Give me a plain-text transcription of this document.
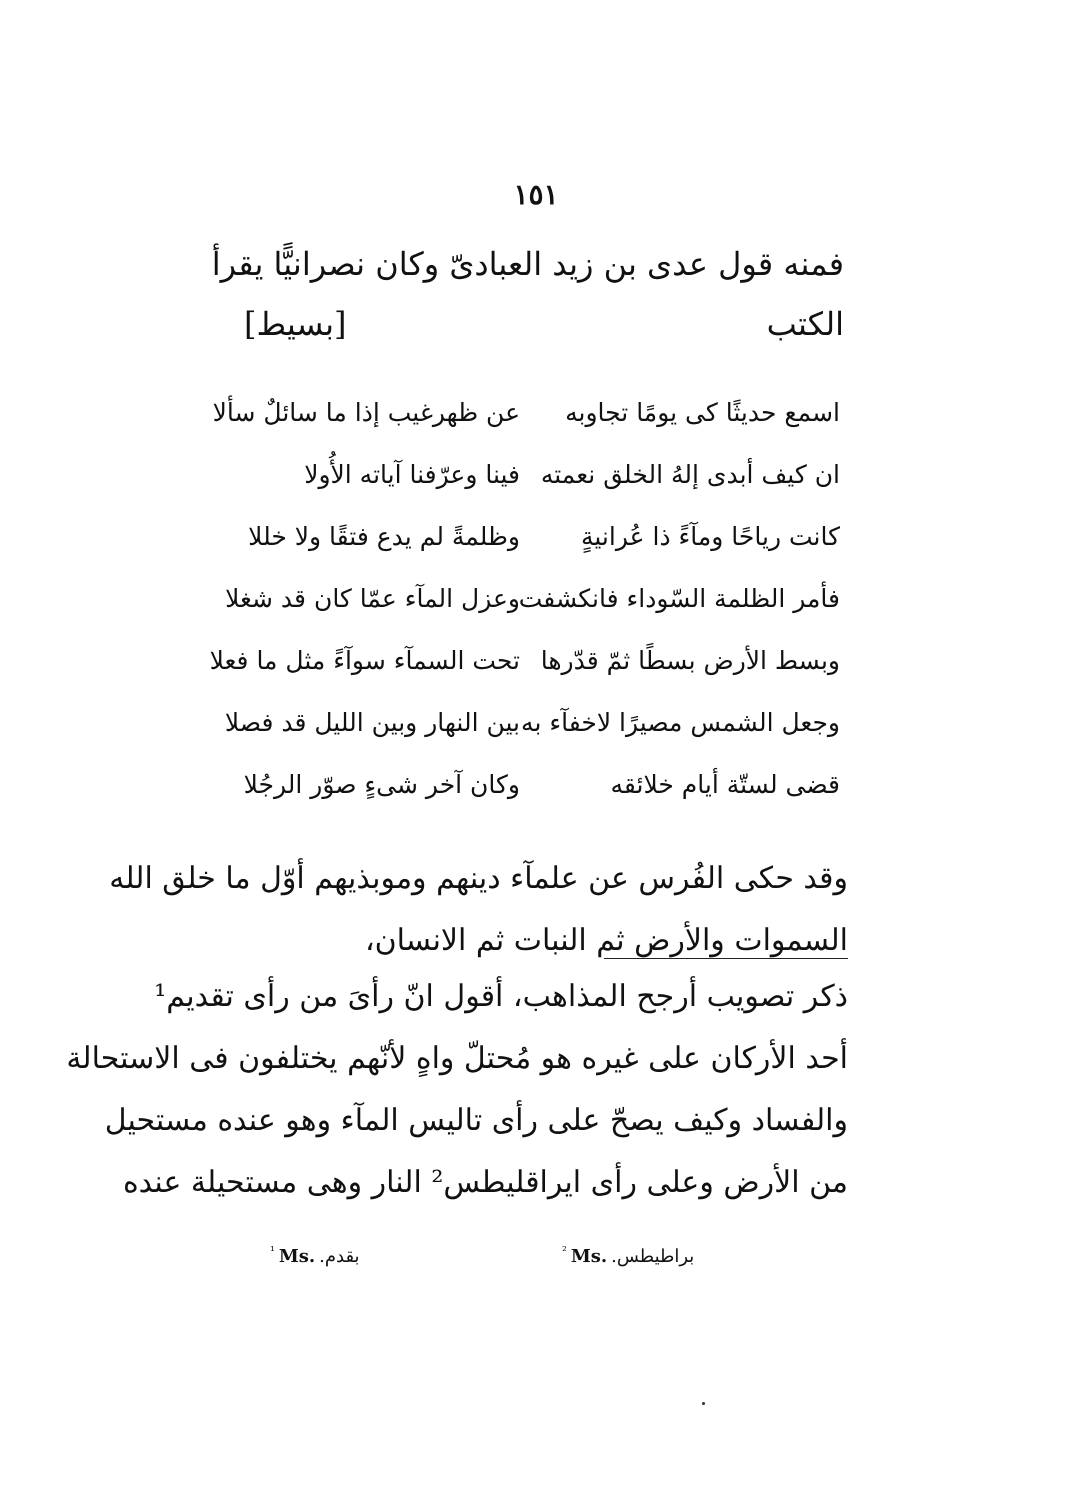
١٥١
فمنه قول عدى بن زيد العبادىّ وكان نصرانيًّا يقرأ
الكتب
[بسيط]
اسمع حديثًا كى يومًا تجاوبه
عن ظهرغيب إذا ما سائلٌ سألا
ان كيف أبدى إلهُ الخلق نعمته
فينا وعرّفنا آياته الأُولا
كانت رياحًا ومآءً ذا عُرانيةٍ
وظلمةً لم يدع فتقًا ولا خللا
فأمر الظلمة السّوداء فانكشفت
وعزل المآء عمّا كان قد شغلا
وبسط الأرض بسطًا ثمّ قدّرها
تحت السمآء سوآءً مثل ما فعلا
وجعل الشمس مصيرًا لاخفآء به
بين النهار وبين الليل قد فصلا
قضى لستّة أيام خلائقه
وكان آخر شىءٍ صوّر الرجُلا
وقد حكى الفُرس عن علمآء دينهم وموبذيهم أوّل ما خلق الله
السموات والأرض ثم النبات ثم الانسان،
ذكر تصويب أرجح المذاهب، أقول انّ رأىَ من رأى تقديم¹
أحد الأركان على غيره هو مُحتلّ واهٍ لأنّهم يختلفون فى الاستحالة
والفساد وكيف يصحّ على رأى تاليس المآء وهو عنده مستحيل
من الأرض وعلى رأى ايراقليطس² النار وهى مستحيلة عنده
$^{^1}$ Ms. بقدم.	$^{^2}$ Ms. براطيطس.
